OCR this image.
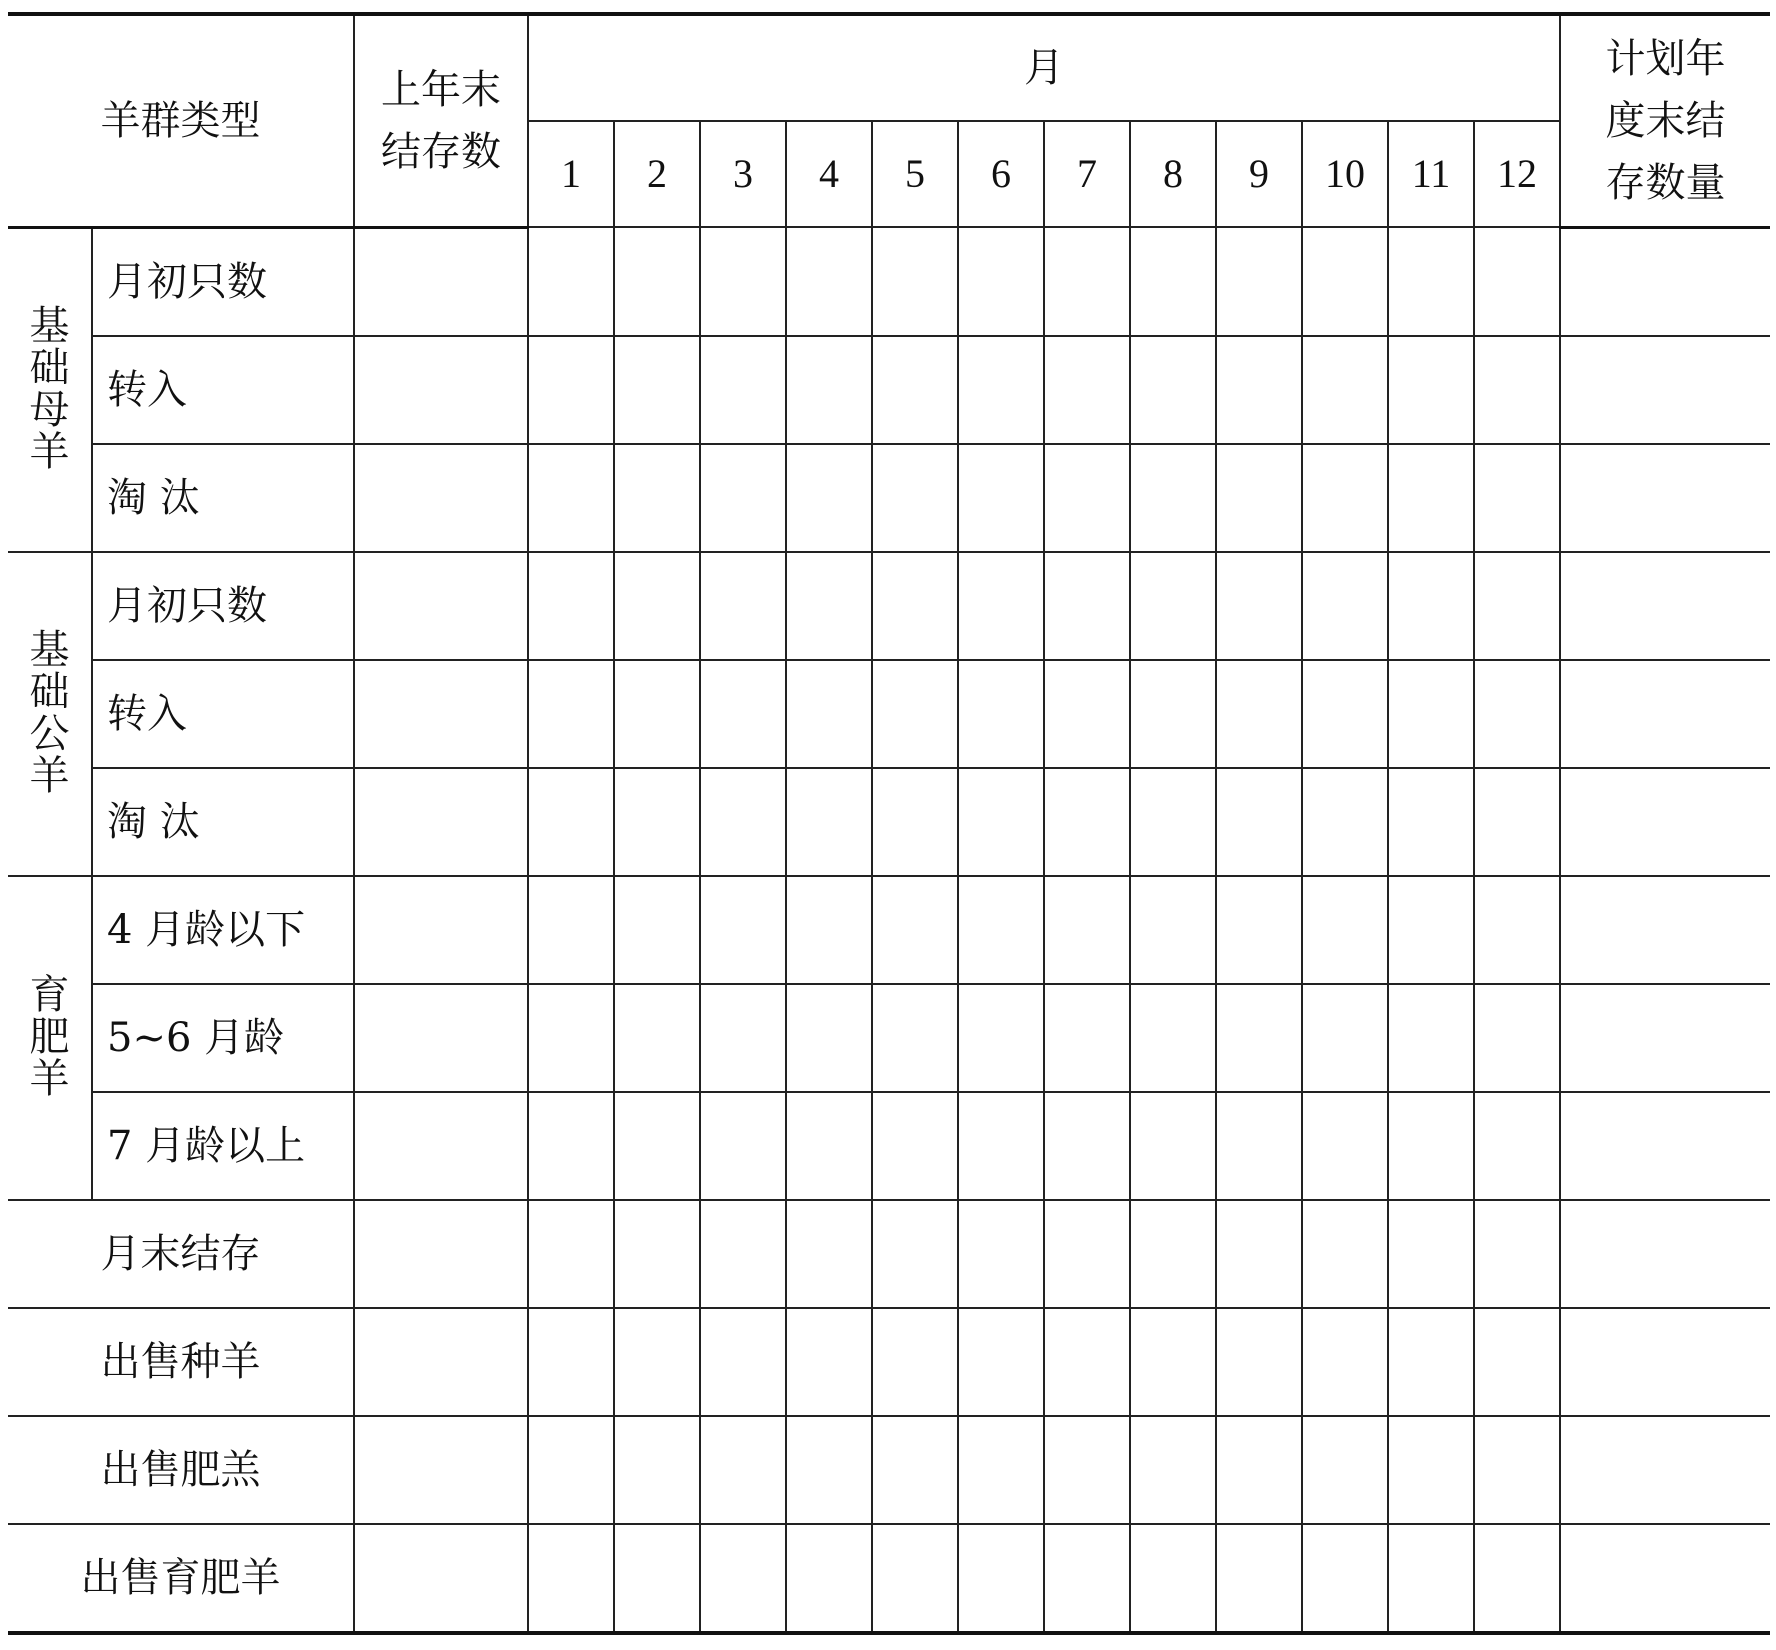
羊群类型		上年末结存数	月												计划年度末结存数量
			1	2	3	4	5	6	7	8	9	10	11	12	
基础母羊	月初只数														
	转入														
	淘 汰														
基础公羊	月初只数														
	转入														
	淘 汰														
育肥羊	4 月龄以下														
	5~6 月龄														
	7 月龄以上														
月末结存															
出售种羊															
出售肥羔															
出售育肥羊															
